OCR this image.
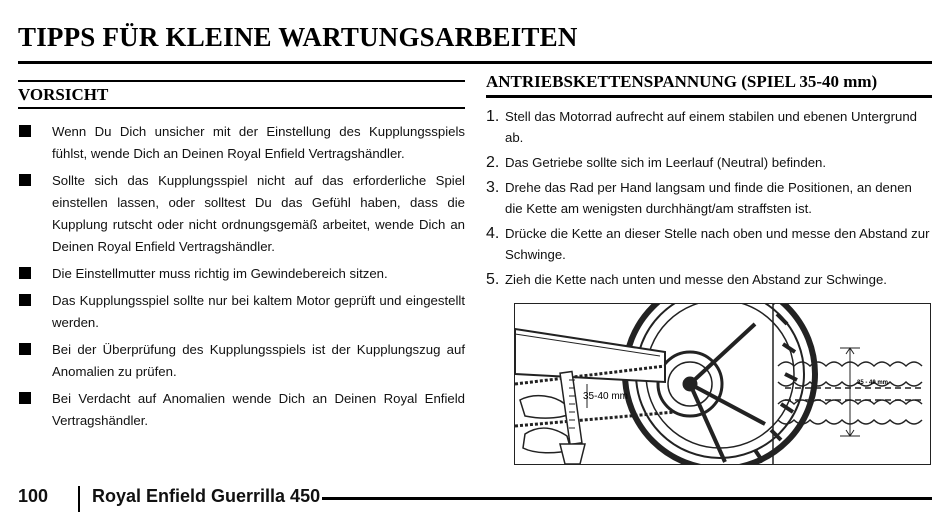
TIPPS FÜR KLEINE WARTUNGSARBEITEN
VORSICHT
Wenn Du Dich unsicher mit der Einstellung des Kupplungsspiels fühlst, wende Dich an Deinen Royal Enfield Vertragshändler.
Sollte sich das Kupplungsspiel nicht auf das erforderliche Spiel einstellen lassen, oder solltest Du das Gefühl haben, dass die Kupplung rutscht oder nicht ordnungsgemäß arbeitet, wende Dich an Deinen Royal Enfield Vertragshändler.
Die Einstellmutter muss richtig im Gewindebereich sitzen.
Das Kupplungsspiel sollte nur bei kaltem Motor geprüft und eingestellt werden.
Bei der Überprüfung des Kupplungsspiels ist der Kupplungszug auf Anomalien zu prüfen.
Bei Verdacht auf Anomalien wende Dich an Deinen Royal Enfield Vertragshändler.
ANTRIEBSKETTENSPANNUNG (SPIEL 35-40 mm)
1. Stell das Motorrad aufrecht auf einem stabilen und ebenen Untergrund ab.
2. Das Getriebe sollte sich im Leerlauf (Neutral) befinden.
3. Drehe das Rad per Hand langsam und finde die Positionen, an denen die Kette am wenigsten durchhängt/am straffsten ist.
4. Drücke die Kette an dieser Stelle nach oben und messe den Abstand zur Schwinge.
5. Zieh die Kette nach unten und messe den Abstand zur Schwinge.
35-40 mm
35 - 40 mm
100 Royal Enfield Guerrilla 450
